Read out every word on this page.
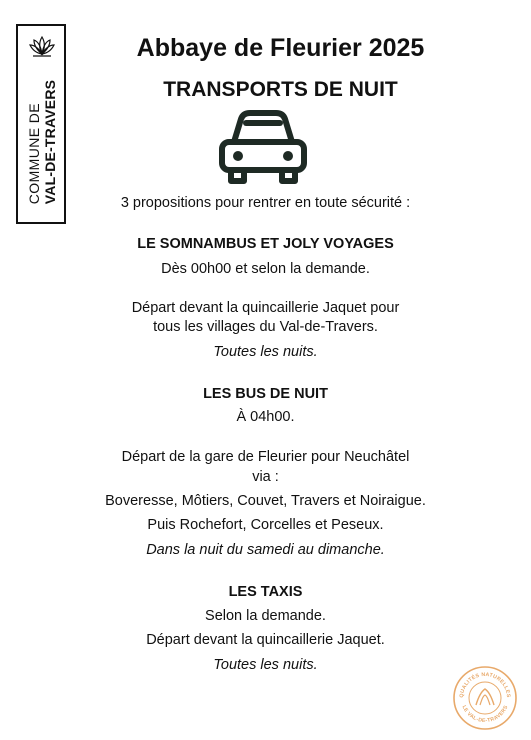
COMMUNE DE VAL-DE-TRAVERS
Abbaye de Fleurier 2025
TRANSPORTS DE NUIT

3 propositions pour rentrer en toute sécurité :

LE SOMNAMBUS ET JOLY VOYAGES

Dès 00h00 et selon la demande.

Départ devant la quincaillerie Jaquet pour

tous les villages du Val-de-Travers.

Toutes les nuits.

LES BUS DE NUIT

À 04h00.

Départ de la gare de Fleurier pour Neuchâtel

via :

Boveresse, Môtiers, Couvet, Travers et Noiraigue.

Puis Rochefort, Corcelles et Peseux.

Dans la nuit du samedi au dimanche.

LES TAXIS

Selon la demande.

Départ devant la quincaillerie Jaquet.

Toutes les nuits.

QUALITÉS NATURELLES
LE VAL-DE-TRAVERS
